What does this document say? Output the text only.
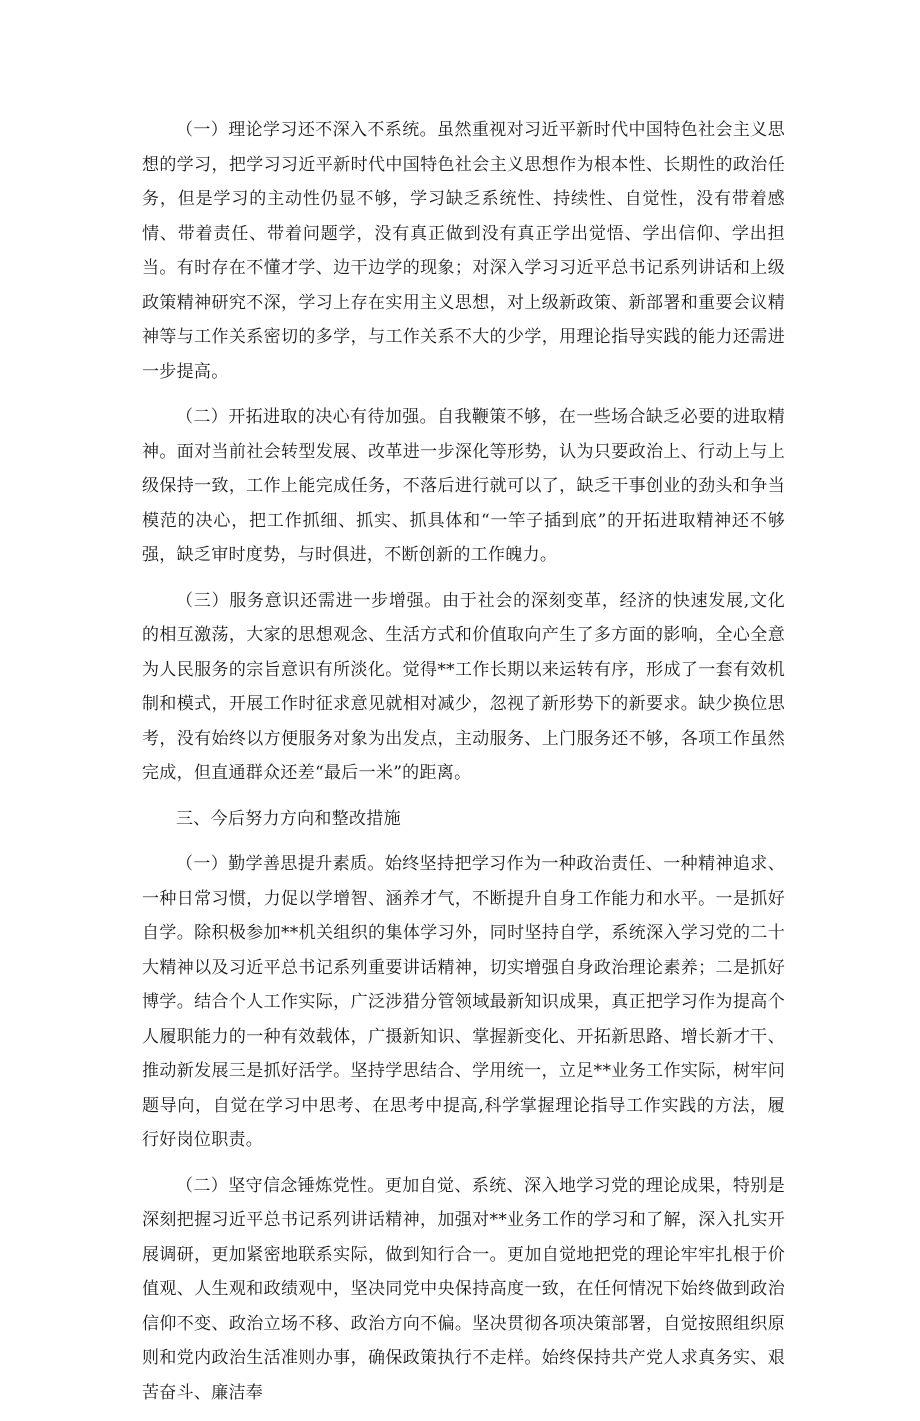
（一）理论学习还不深入不系统。虽然重视对习近平新时代中国特色社会主义思想的学习，把学习习近平新时代中国特色社会主义思想作为根本性、长期性的政治任务，但是学习的主动性仍显不够，学习缺乏系统性、持续性、自觉性，没有带着感情、带着责任、带着问题学，没有真正做到没有真正学出觉悟、学出信仰、学出担当。有时存在不懂才学、边干边学的现象；对深入学习习近平总书记系列讲话和上级政策精神研究不深，学习上存在实用主义思想，对上级新政策、新部署和重要会议精神等与工作关系密切的多学，与工作关系不大的少学，用理论指导实践的能力还需进一步提高。

（二）开拓进取的决心有待加强。自我鞭策不够，在一些场合缺乏必要的进取精神。面对当前社会转型发展、改革进一步深化等形势，认为只要政治上、行动上与上级保持一致，工作上能完成任务，不落后进行就可以了，缺乏干事创业的劲头和争当模范的决心，把工作抓细、抓实、抓具体和“一竿子插到底”的开拓进取精神还不够强，缺乏审时度势，与时俱进，不断创新的工作魄力。

（三）服务意识还需进一步增强。由于社会的深刻变革，经济的快速发展,文化的相互激荡，大家的思想观念、生活方式和价值取向产生了多方面的影响，全心全意为人民服务的宗旨意识有所淡化。觉得**工作长期以来运转有序，形成了一套有效机制和模式，开展工作时征求意见就相对减少，忽视了新形势下的新要求。缺少换位思考，没有始终以方便服务对象为出发点，主动服务、上门服务还不够，各项工作虽然完成，但直通群众还差“最后一米”的距离。

三、今后努力方向和整改措施

（一）勤学善思提升素质。始终坚持把学习作为一种政治责任、一种精神追求、一种日常习惯，力促以学增智、涵养才气，不断提升自身工作能力和水平。一是抓好自学。除积极参加**机关组织的集体学习外，同时坚持自学，系统深入学习党的二十大精神以及习近平总书记系列重要讲话精神，切实增强自身政治理论素养；二是抓好博学。结合个人工作实际，广泛涉猎分管领域最新知识成果，真正把学习作为提高个人履职能力的一种有效载体，广摄新知识、掌握新变化、开拓新思路、增长新才干、推动新发展三是抓好活学。坚持学思结合、学用统一，立足**业务工作实际，树牢问题导向，自觉在学习中思考、在思考中提高,科学掌握理论指导工作实践的方法，履行好岗位职责。

（二）坚守信念锤炼党性。更加自觉、系统、深入地学习党的理论成果，特别是深刻把握习近平总书记系列讲话精神，加强对**业务工作的学习和了解，深入扎实开展调研，更加紧密地联系实际，做到知行合一。更加自觉地把党的理论牢牢扎根于价值观、人生观和政绩观中，坚决同党中央保持高度一致，在任何情况下始终做到政治信仰不变、政治立场不移、政治方向不偏。坚决贯彻各项决策部署，自觉按照组织原则和党内政治生活准则办事，确保政策执行不走样。始终保持共产党人求真务实、艰苦奋斗、廉洁奉
